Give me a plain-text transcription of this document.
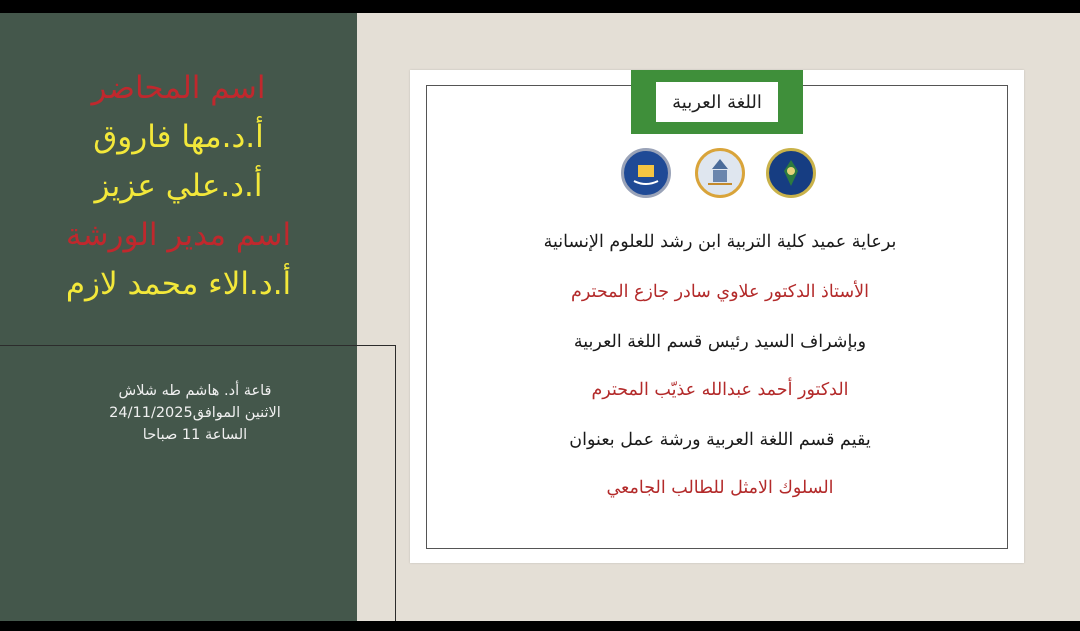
اسم المحاضر
أ.د.مها فاروق
أ.د.علي عزيز
اسم مدير الورشة
أ.د.الاء محمد لازم
قاعة أد. هاشم طه شلاش
الاثنين الموافق24/11/2025
الساعة 11 صباحا
اللغة العربية
برعاية عميد كلية التربية ابن رشد للعلوم الإنسانية
الأستاذ الدكتور علاوي سادر جازع المحترم
وبإشراف السيد رئيس قسم اللغة العربية
الدكتور أحمد عبدالله عذيّب المحترم
يقيم قسم اللغة العربية ورشة عمل بعنوان
السلوك الامثل للطالب الجامعي
